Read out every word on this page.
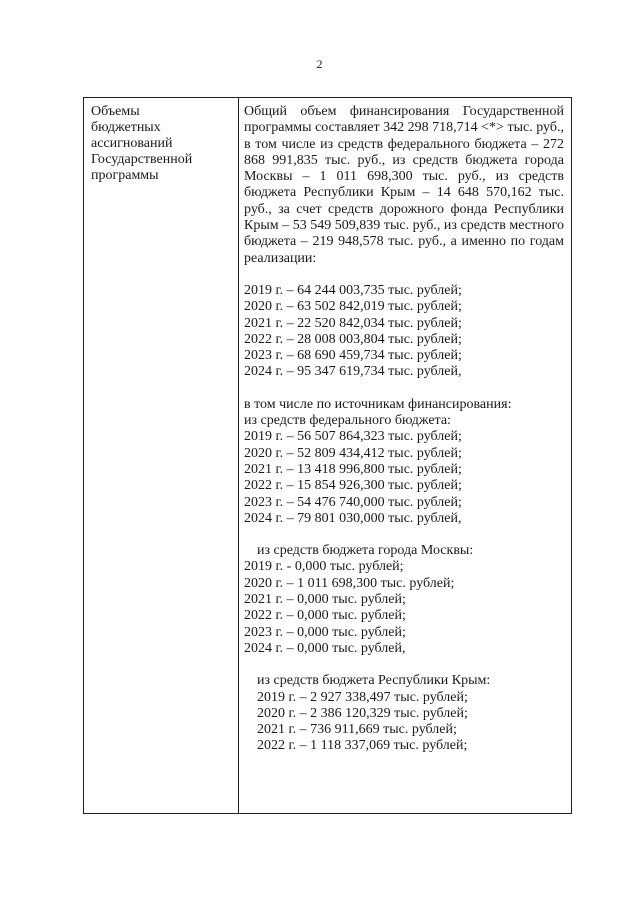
2
Объемы
бюджетных
ассигнований
Государственной
программы

Общий объем финансирования Государственной программы составляет 342 298 718,714 <*> тыс. руб., в том числе из средств федерального бюджета – 272 868 991,835 тыс. руб., из средств бюджета города Москвы – 1 011 698,300 тыс. руб., из средств бюджета Республики Крым – 14 648 570,162 тыс. руб., за счет средств дорожного фонда Республики Крым – 53 549 509,839 тыс. руб., из средств местного бюджета – 219 948,578 тыс. руб., а именно по годам реализации:

2019 г. – 64 244 003,735 тыс. рублей;
2020 г. – 63 502 842,019 тыс. рублей;
2021 г. – 22 520 842,034 тыс. рублей;
2022 г. – 28 008 003,804 тыс. рублей;
2023 г. – 68 690 459,734 тыс. рублей;
2024 г. – 95 347 619,734 тыс. рублей,
в том числе по источникам финансирования:
из средств федерального бюджета:
2019 г. – 56 507 864,323 тыс. рублей;
2020 г. – 52 809 434,412 тыс. рублей;
2021 г. – 13 418 996,800 тыс. рублей;
2022 г. – 15 854 926,300 тыс. рублей;
2023 г. – 54 476 740,000 тыс. рублей;
2024 г. – 79 801 030,000 тыс. рублей,
из средств бюджета города Москвы:
2019 г. - 0,000 тыс. рублей;
2020 г. – 1 011 698,300 тыс. рублей;
2021 г. – 0,000 тыс. рублей;
2022 г. – 0,000 тыс. рублей;
2023 г. – 0,000 тыс. рублей;
2024 г. – 0,000 тыс. рублей,
из средств бюджета Республики Крым:
2019 г. – 2 927 338,497 тыс. рублей;
2020 г. – 2 386 120,329 тыс. рублей;
2021 г. – 736 911,669 тыс. рублей;
2022 г. – 1 118 337,069 тыс. рублей;
